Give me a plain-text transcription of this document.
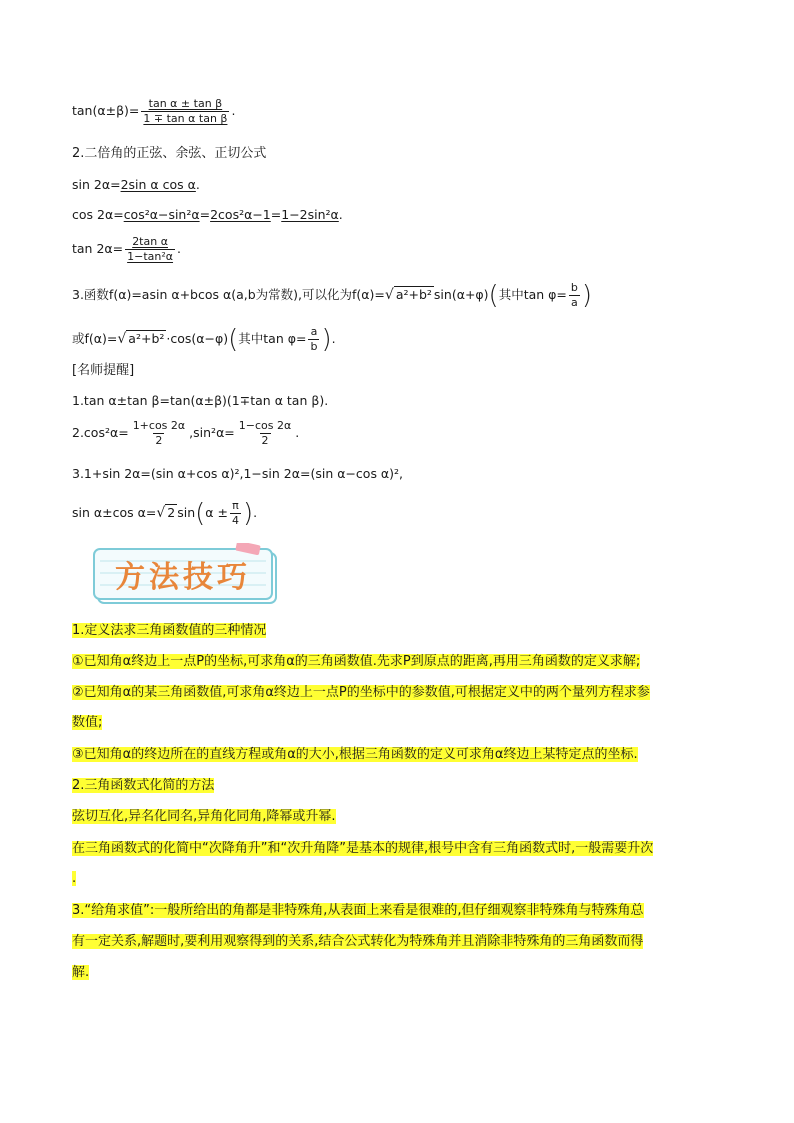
$\tan(\alpha\pm\beta)= \frac{\text{tan α ± tan β}}{\text{1 ∓ tan α tan β}}$ .
2.二倍角的正弦、余弦、正切公式
sin 2α=2sin α cos α.
cos 2α=cos²α−sin²α=2cos²α−1=1−2sin²α.
$\tan 2\alpha= \frac{\text{2tan α}}{\text{1−tan²α}}$ .
3.函数f(α)=asin α+bcos α(a,b为常数),可以化为f(α)=√ a²+b² sin(α+φ)(其中$\tan \varphi= \frac{b}{a}$ )
或f(α)=√ a²+b² ·cos(α−φ)(其中$\tan \varphi= \frac{a}{b}$ ).
[名师提醒]
1.tan α±tan β=tan(α±β)(1∓tan α tan β).
$2.\cos^2\alpha= \frac{1+\cos 2\alpha}{2} ,\sin^2\alpha= \frac{1-\cos 2\alpha}{2}$ .
3.1+sin 2α=(sin α+cos α)²,1−sin 2α=(sin α−cos α)²,
sin α±cos α=√ 2 $\sin(\alpha \pm \frac{\pi}{4}$ ).
方法技巧
1.定义法求三角函数值的三种情况
①已知角α终边上一点P的坐标,可求角α的三角函数值.先求P到原点的距离,再用三角函数的定义求解;
②已知角α的某三角函数值,可求角α终边上一点P的坐标中的参数值,可根据定义中的两个量列方程求参
数值;
③已知角α的终边所在的直线方程或角α的大小,根据三角函数的定义可求角α终边上某特定点的坐标.
2.三角函数式化简的方法
弦切互化,异名化同名,异角化同角,降幂或升幂.
在三角函数式的化简中“次降角升”和“次升角降”是基本的规律,根号中含有三角函数式时,一般需要升次
.
3.“给角求值”:一般所给出的角都是非特殊角,从表面上来看是很难的,但仔细观察非特殊角与特殊角总
有一定关系,解题时,要利用观察得到的关系,结合公式转化为特殊角并且消除非特殊角的三角函数而得
解.
